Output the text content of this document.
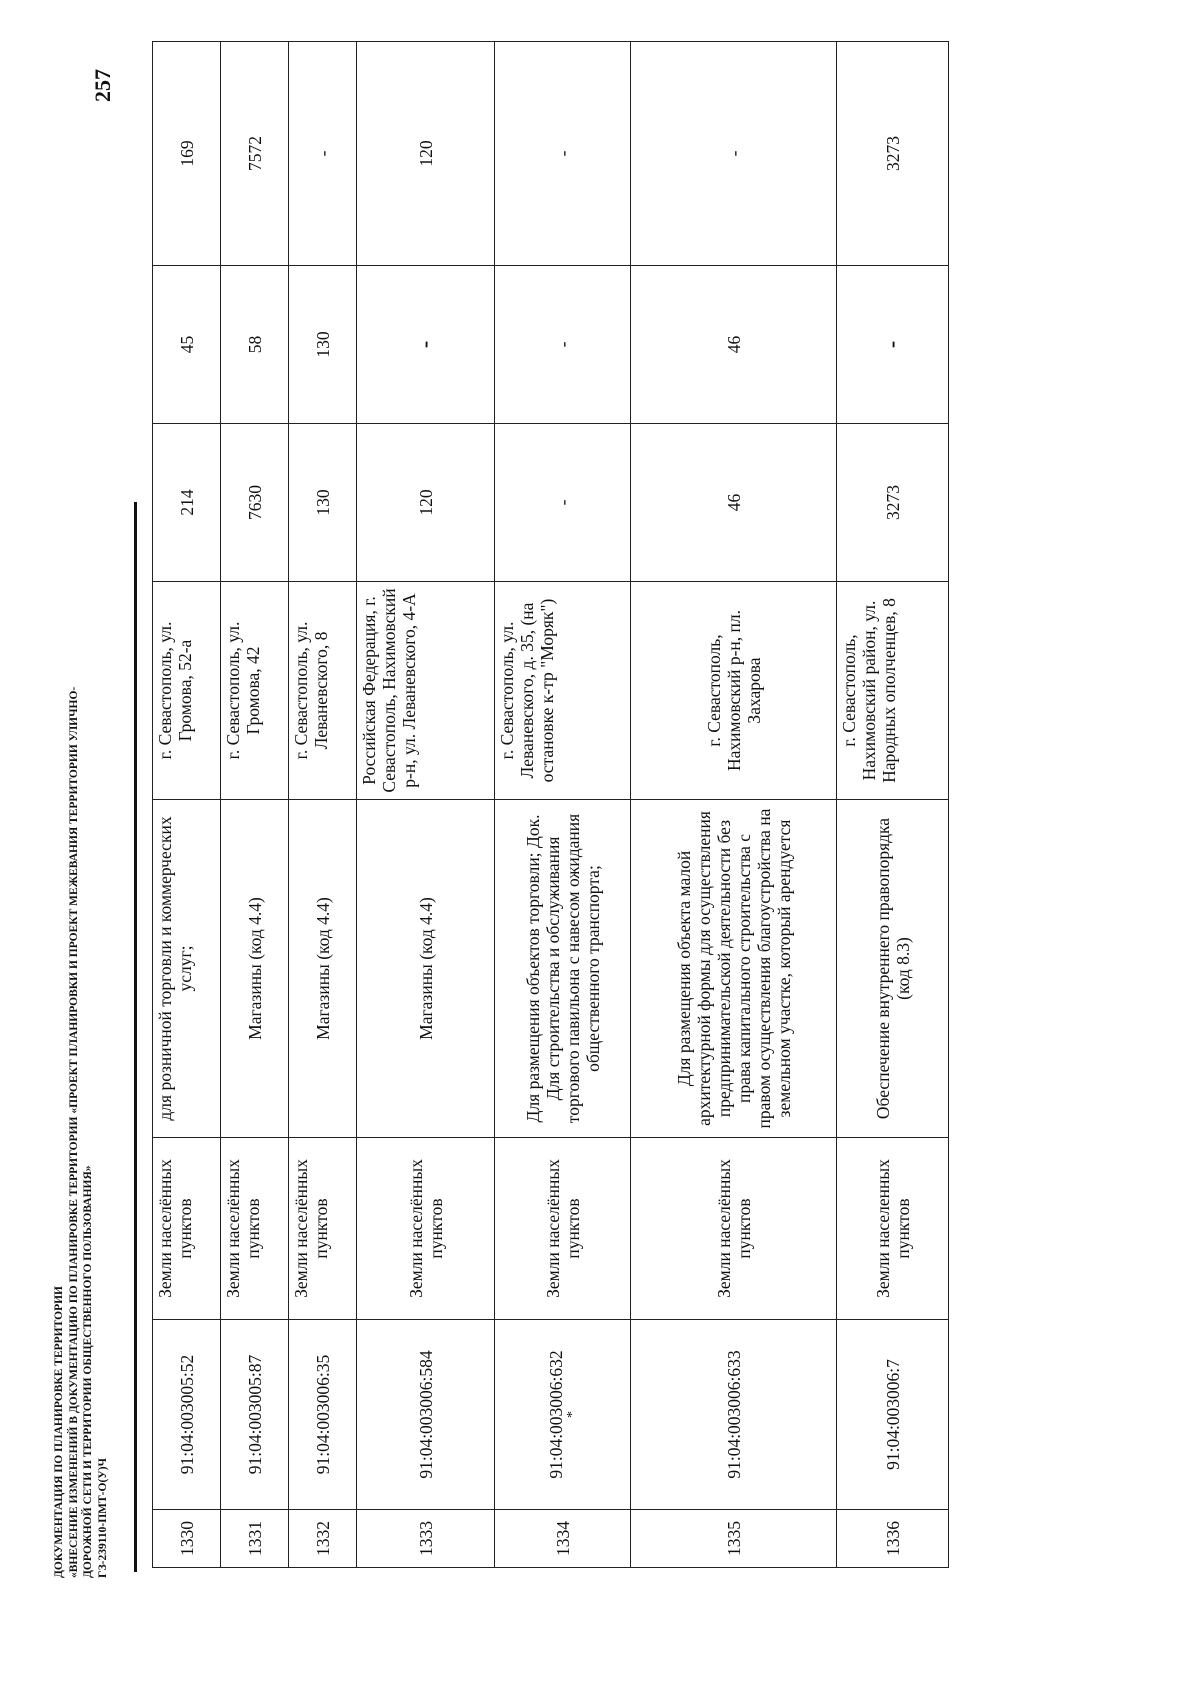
257
ДОКУМЕНТАЦИЯ ПО ПЛАНИРОВКЕ ТЕРРИТОРИИ «ВНЕСЕНИЕ ИЗМЕНЕНИЙ В ДОКУМЕНТАЦИЮ ПО ПЛАНИРОВКЕ ТЕРРИТОРИИ «ПРОЕКТ ПЛАНИРОВКИ И ПРОЕКТ МЕЖЕВАНИЯ ТЕРРИТОРИИ УЛИЧНО- ДОРОЖНОЙ СЕТИ И ТЕРРИТОРИИ ОБЩЕСТВЕННОГО ПОЛЬЗОВАНИЯ» ГЗ-239110-ПМТ-О(У)Ч	1330	91:04:003005:52	Земли населённых пунктов	для розничной торговли и коммерческих услуг;	г. Севастополь, ул. Громова, 52-а	214	45	169
1331	91:04:003005:87	Земли населённых пунктов	Магазины (код 4.4)	г. Севастополь, ул. Громова, 42	7630	58	7572
1332	91:04:003006:35	Земли населённых пунктов	Магазины (код 4.4)	г. Севастополь, ул. Леваневского, 8	130	130	-
1333	91:04:003006:584	Земли населённых пунктов	Магазины (код 4.4)	Российская Федерация, г. Севастополь, Нахимовский р-н, ул. Леваневского, 4-А	120	-	120
1334	91:04:003006:632 *	Земли населённых пунктов	Для размещения объектов торговли; Док. Для строительства и обслуживания торгового павильона с навесом ожидания общественного транспорта;	г. Севастополь, ул. Леваневского, д. 35, (на остановке к-тр "Моряк")	-	-	-
1335	91:04:003006:633	Земли населённых пунктов	Для размещения объекта малой архитектурной формы для осуществления предпринимательской деятельности без права капитального строительства с правом осуществления благоустройства на земельном участке, который арендуется	г. Севастополь, Нахимовский р-н, пл. Захарова	46	46	-
1336	91:04:003006:7	Земли населенных пунктов	Обеспечение внутреннего правопорядка (код 8.3)	г. Севастополь, Нахимовский район, ул. Народных ополченцев, 8	3273	-	3273
